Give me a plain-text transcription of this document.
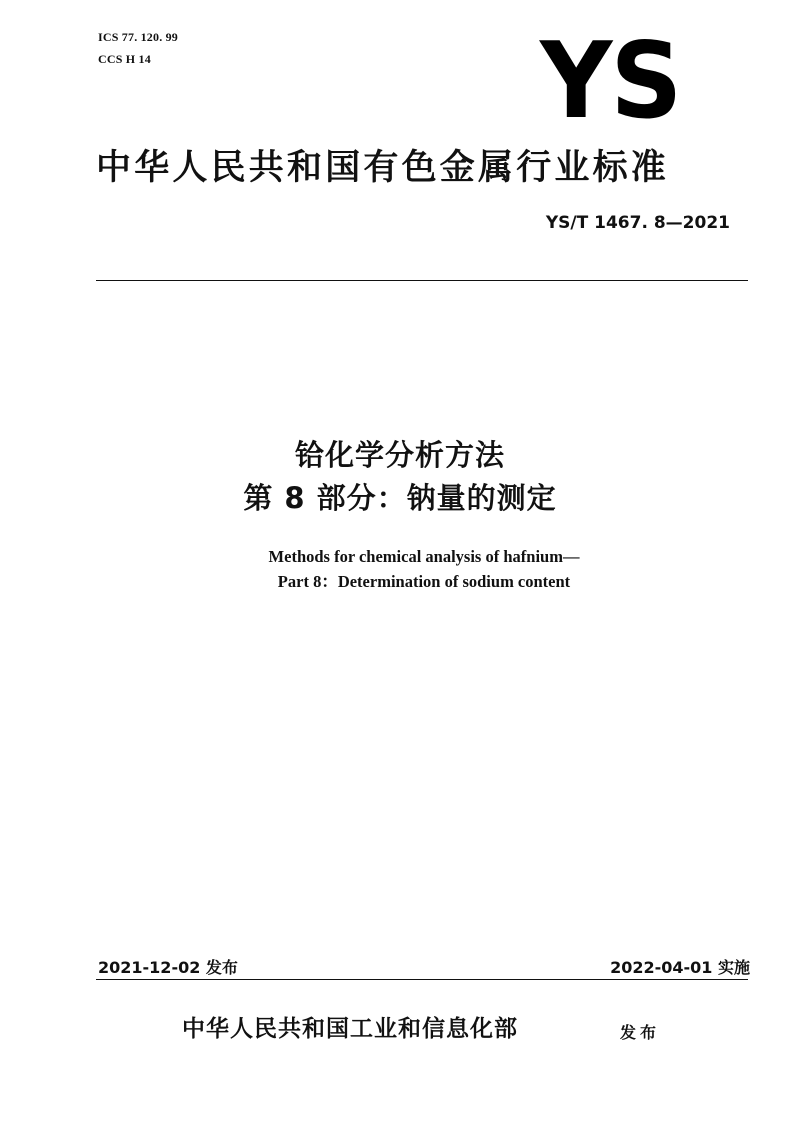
ICS 77. 120. 99
CCS H 14	YS
中华人民共和国有色金属行业标准
YS/T 1467. 8—2021
铪化学分析方法
第 8 部分：钠量的测定
Methods for chemical analysis of hafnium—
Part 8：Determination of sodium content
2021-12-02 发布	2022-04-01 实施
中华人民共和国工业和信息化部	发布
